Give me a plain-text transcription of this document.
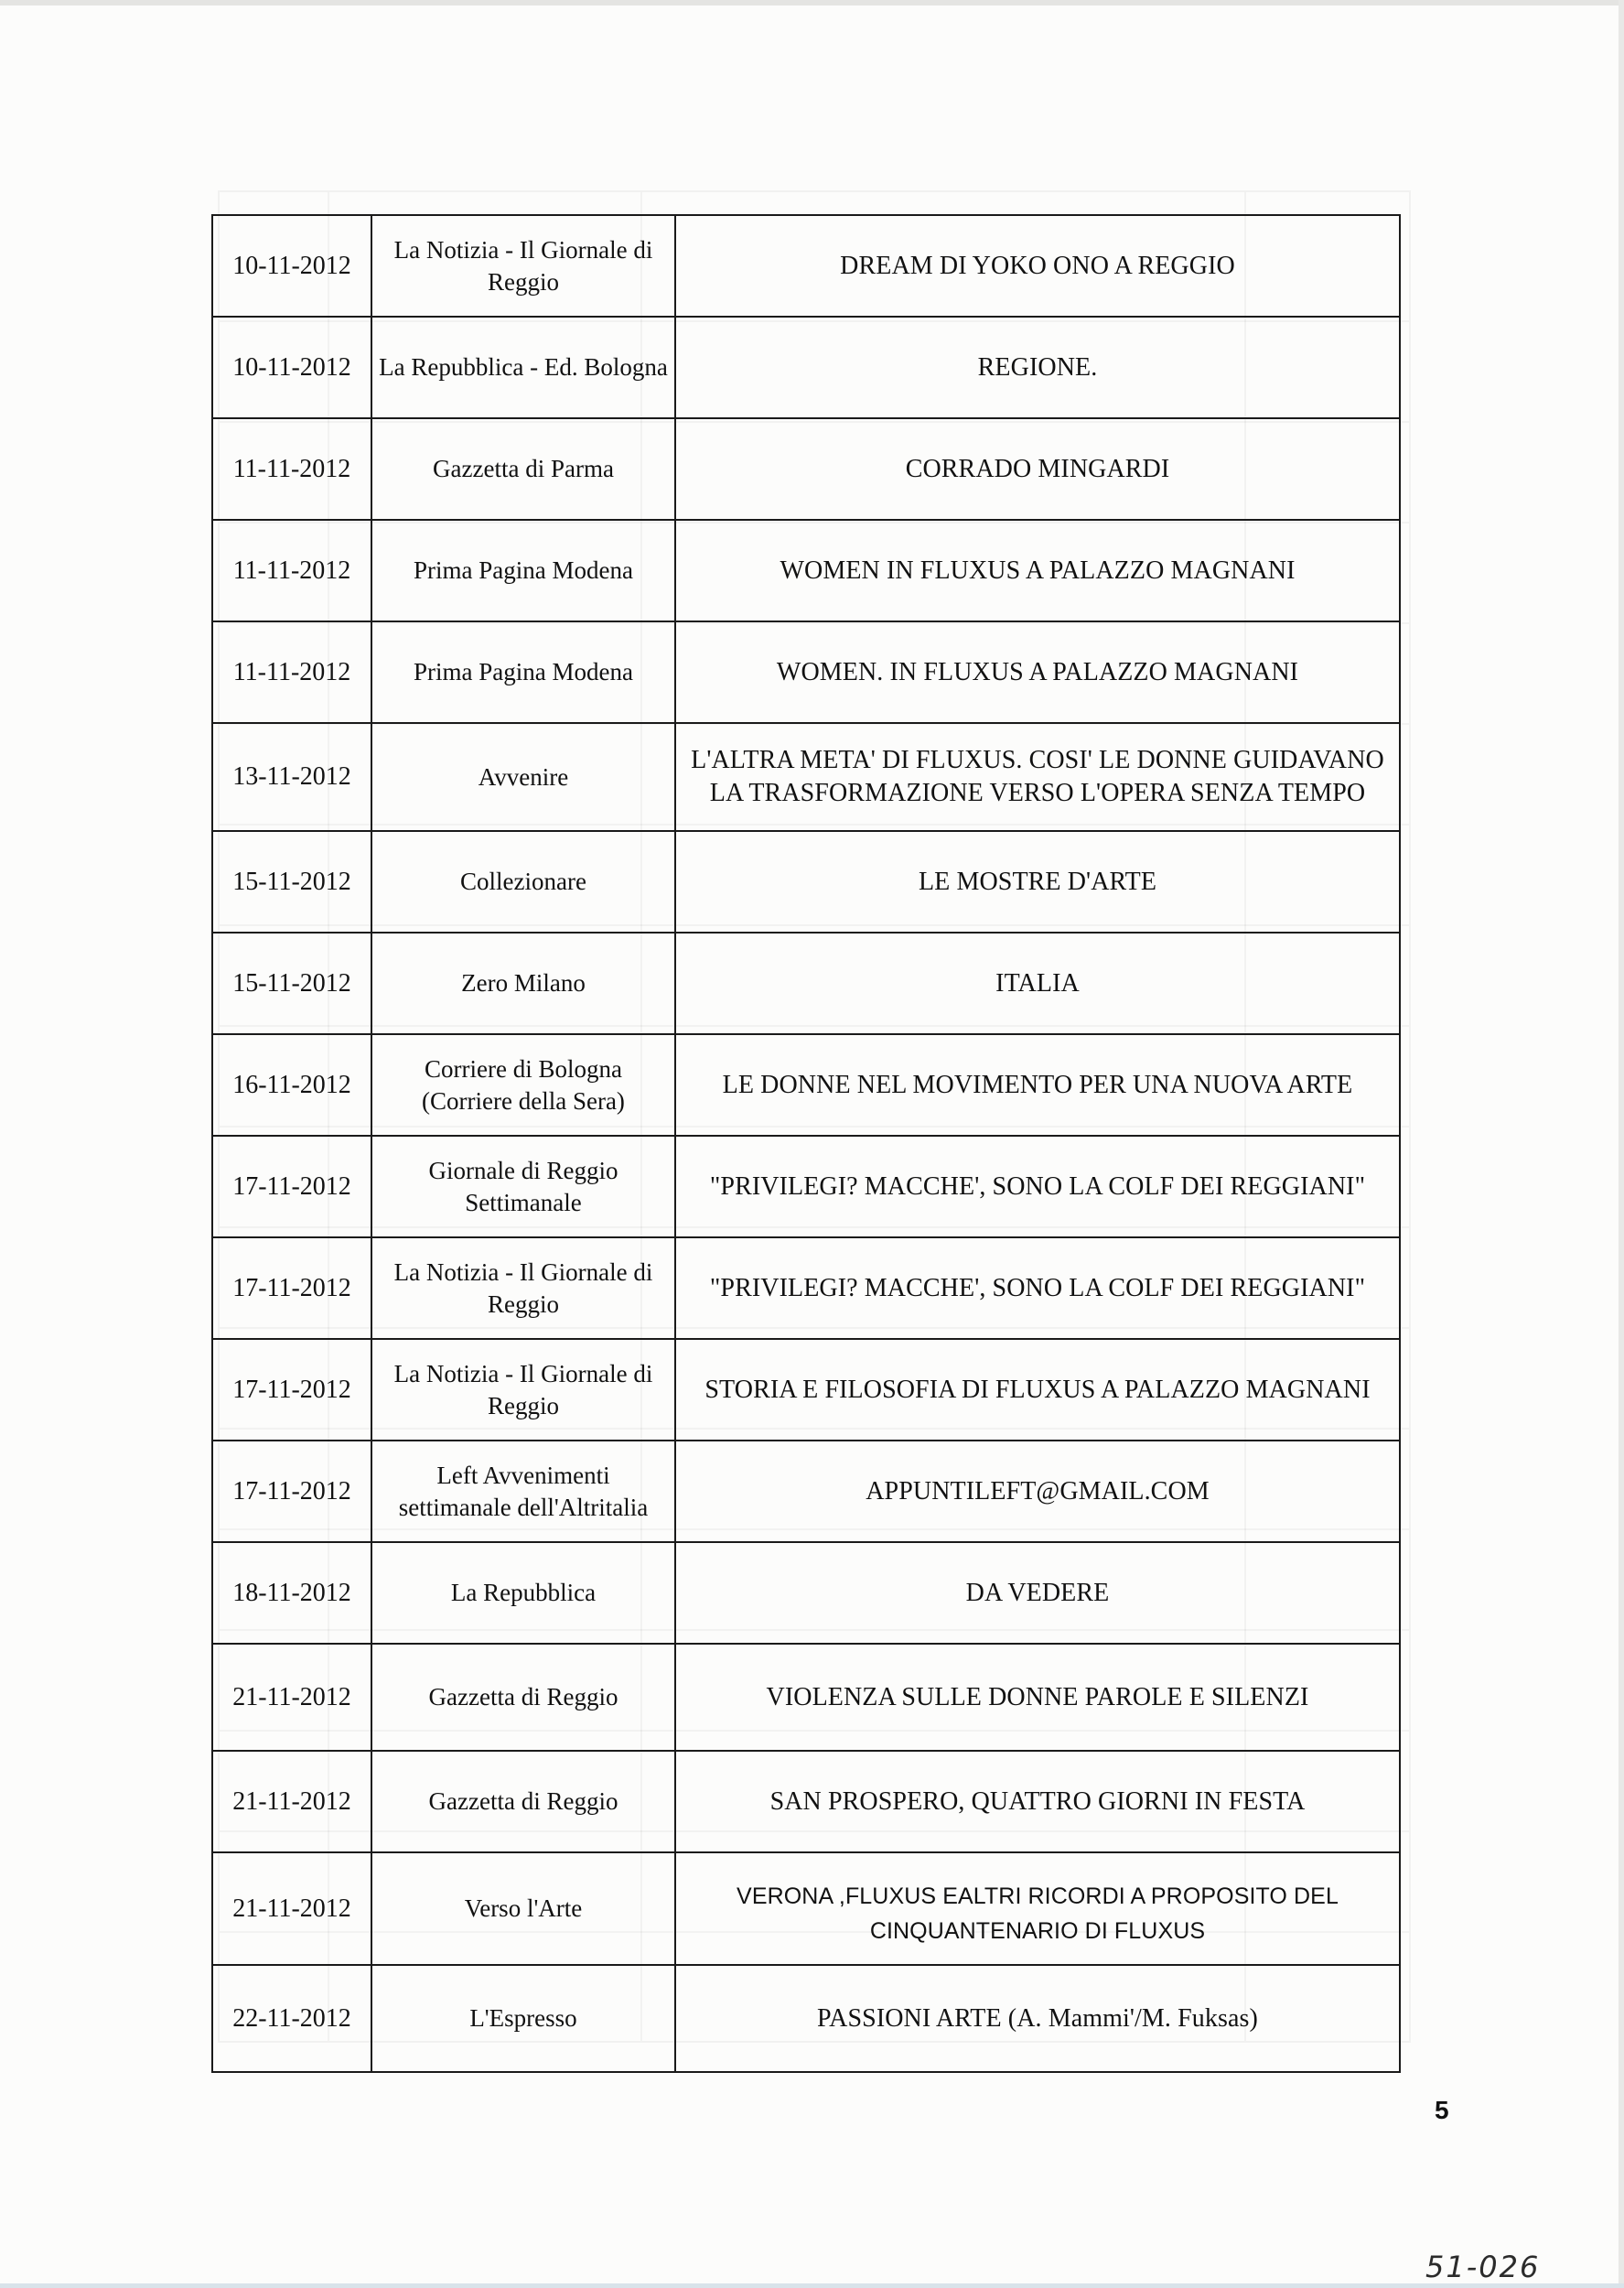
10-11-2012	La Notizia - Il Giornale di Reggio	DREAM DI YOKO ONO A REGGIO
10-11-2012	La Repubblica - Ed. Bologna	REGIONE.
11-11-2012	Gazzetta di Parma	CORRADO MINGARDI
11-11-2012	Prima Pagina Modena	WOMEN IN FLUXUS A PALAZZO MAGNANI
11-11-2012	Prima Pagina Modena	WOMEN. IN FLUXUS A PALAZZO MAGNANI
13-11-2012	Avvenire	L'ALTRA META' DI FLUXUS. COSI' LE DONNE GUIDAVANO LA TRASFORMAZIONE VERSO L'OPERA SENZA TEMPO
15-11-2012	Collezionare	LE MOSTRE D'ARTE
15-11-2012	Zero Milano	ITALIA
16-11-2012	Corriere di Bologna (Corriere della Sera)	LE DONNE NEL MOVIMENTO PER UNA NUOVA ARTE
17-11-2012	Giornale di Reggio Settimanale	"PRIVILEGI? MACCHE', SONO LA COLF DEI REGGIANI"
17-11-2012	La Notizia - Il Giornale di Reggio	"PRIVILEGI? MACCHE', SONO LA COLF DEI REGGIANI"
17-11-2012	La Notizia - Il Giornale di Reggio	STORIA E FILOSOFIA DI FLUXUS A PALAZZO MAGNANI
17-11-2012	Left Avvenimenti settimanale dell'Altritalia	APPUNTILEFT@GMAIL.COM
18-11-2012	La Repubblica	DA VEDERE
21-11-2012	Gazzetta di Reggio	VIOLENZA SULLE DONNE PAROLE E SILENZI
21-11-2012	Gazzetta di Reggio	SAN PROSPERO, QUATTRO GIORNI IN FESTA
21-11-2012	Verso l'Arte	VERONA ,FLUXUS EALTRI RICORDI A PROPOSITO DEL CINQUANTENARIO DI FLUXUS
22-11-2012	L'Espresso	PASSIONI ARTE (A. Mammi'/M. Fuksas)
5
51-026
